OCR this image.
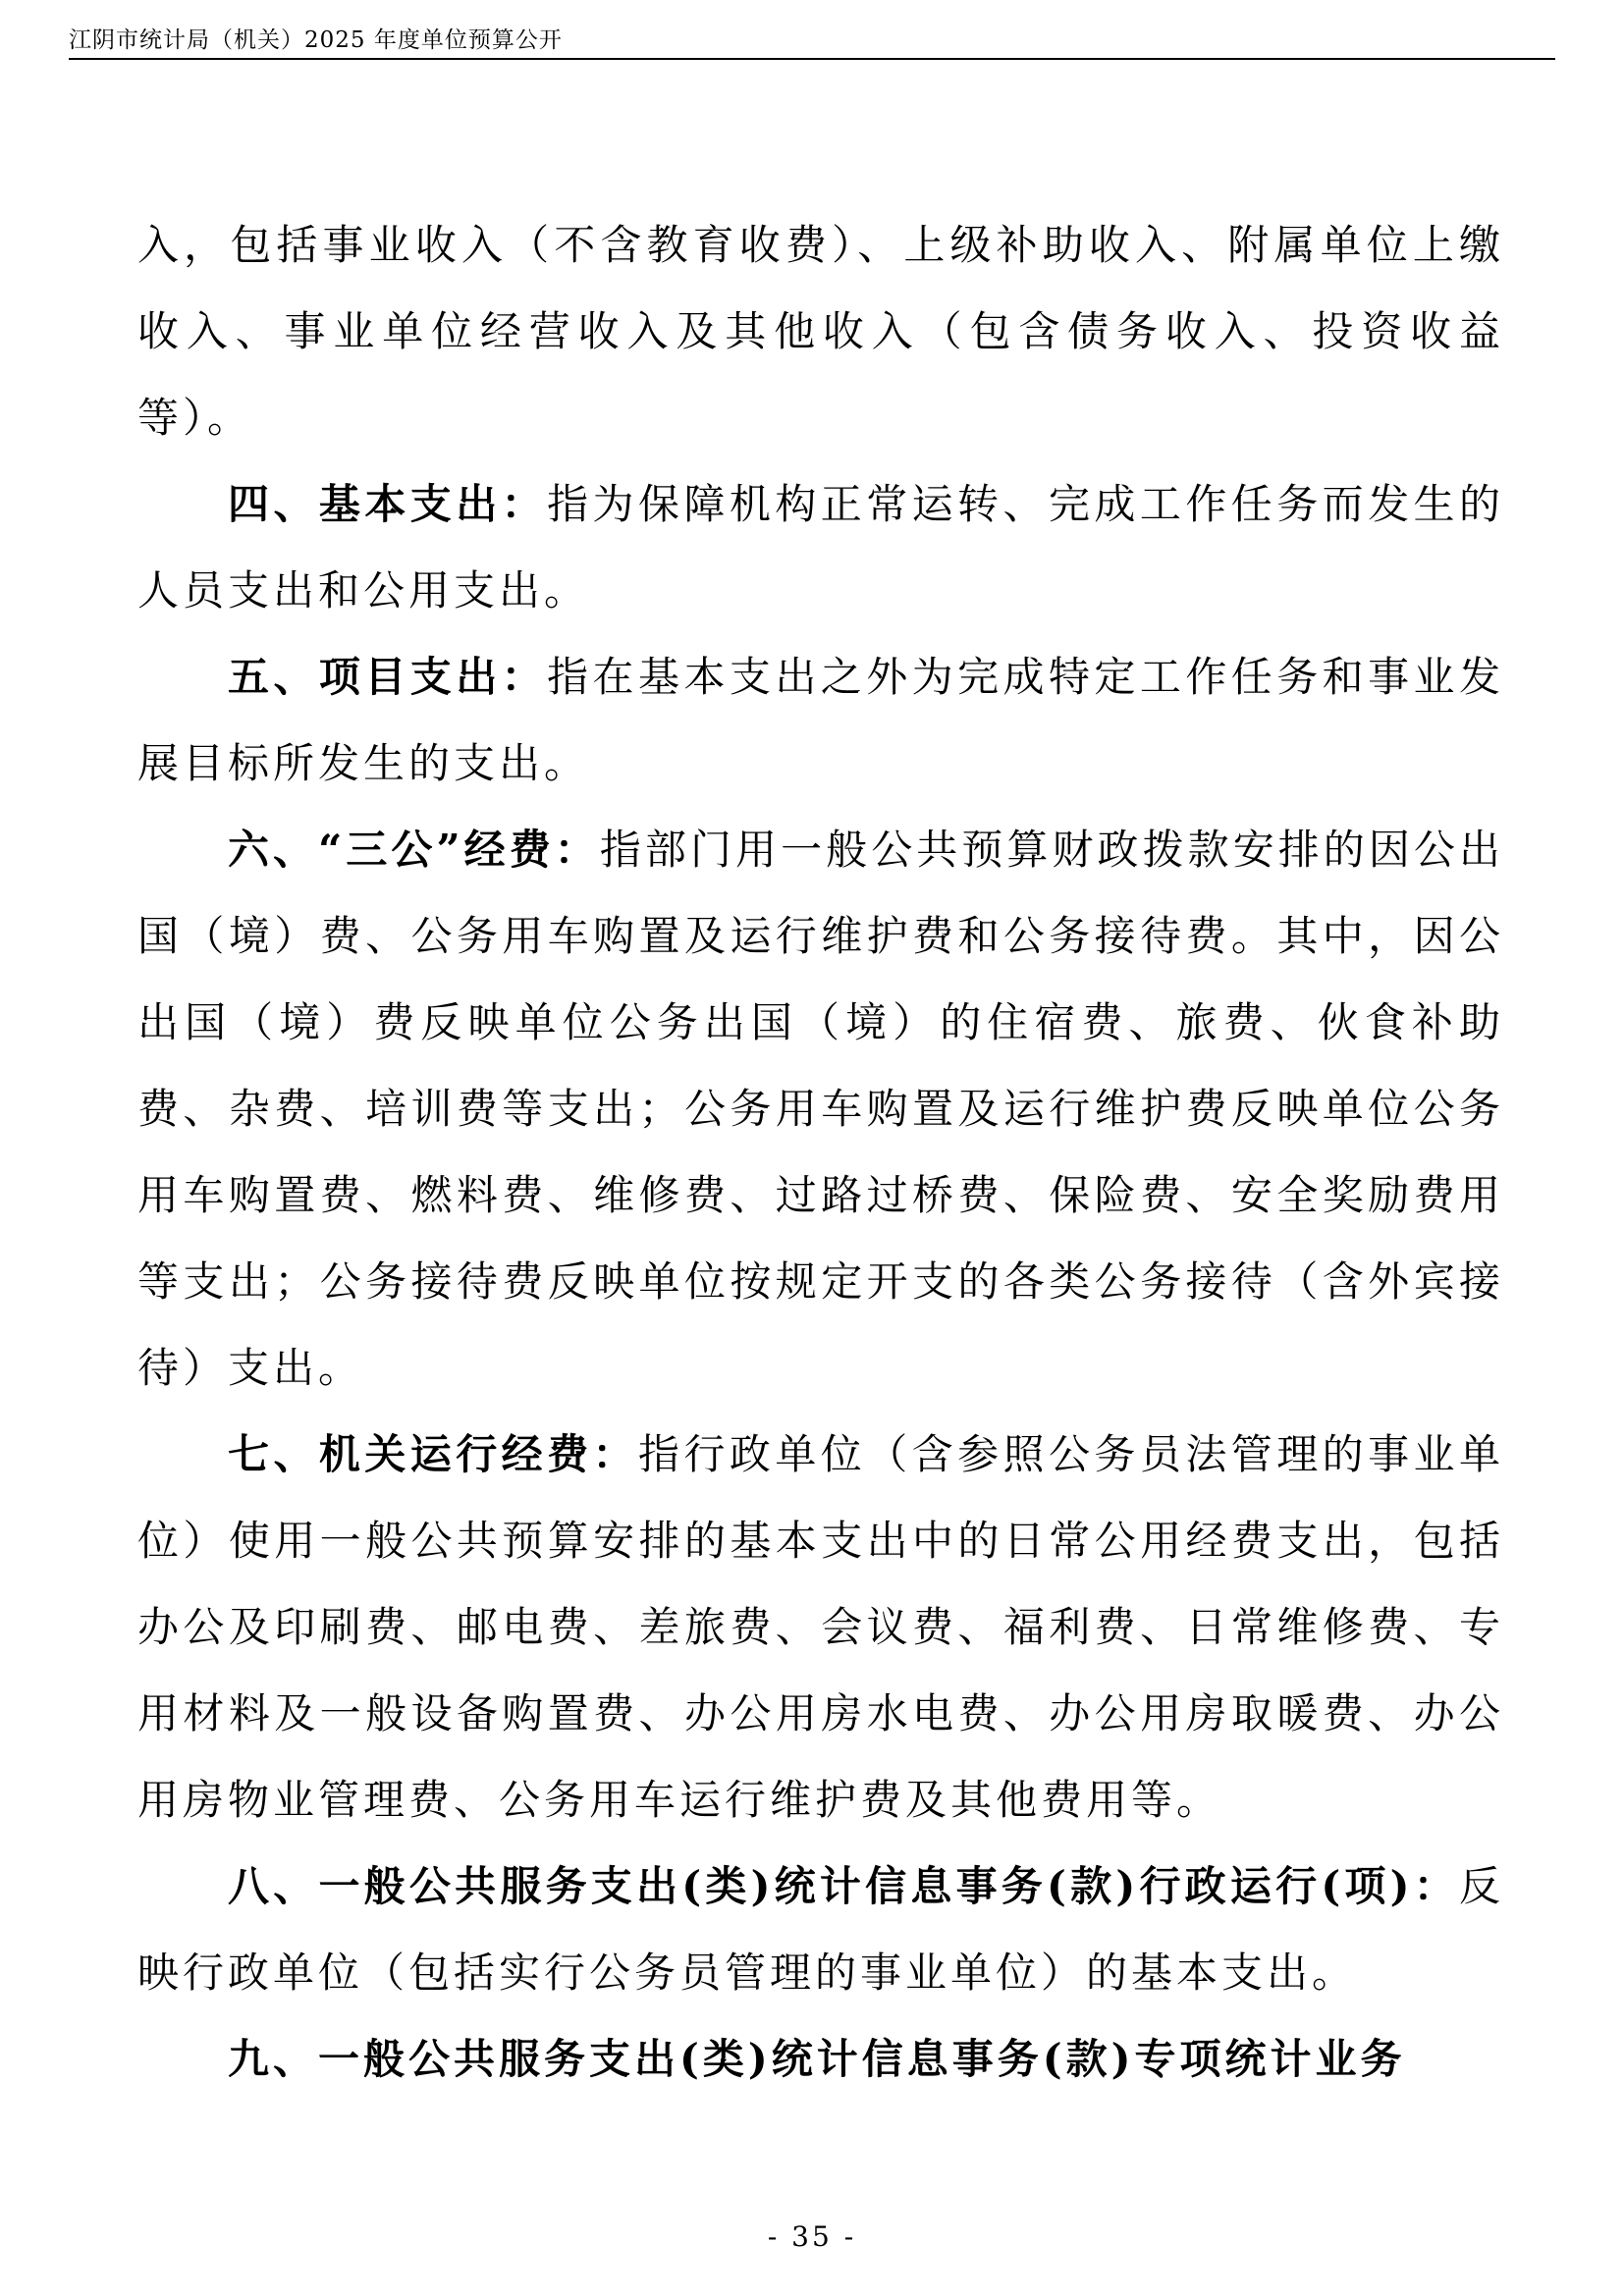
江阴市统计局（机关）2025 年度单位预算公开

入，包括事业收入（不含教育收费）、上级补助收入、附属单位上缴收入、事业单位经营收入及其他收入（包含债务收入、投资收益等）。

四、基本支出：指为保障机构正常运转、完成工作任务而发生的人员支出和公用支出。

五、项目支出：指在基本支出之外为完成特定工作任务和事业发展目标所发生的支出。

六、“三公”经费：指部门用一般公共预算财政拨款安排的因公出国（境）费、公务用车购置及运行维护费和公务接待费。其中，因公出国（境）费反映单位公务出国（境）的住宿费、旅费、伙食补助费、杂费、培训费等支出；公务用车购置及运行维护费反映单位公务用车购置费、燃料费、维修费、过路过桥费、保险费、安全奖励费用等支出；公务接待费反映单位按规定开支的各类公务接待（含外宾接待）支出。

七、机关运行经费：指行政单位（含参照公务员法管理的事业单位）使用一般公共预算安排的基本支出中的日常公用经费支出，包括办公及印刷费、邮电费、差旅费、会议费、福利费、日常维修费、专用材料及一般设备购置费、办公用房水电费、办公用房取暖费、办公用房物业管理费、公务用车运行维护费及其他费用等。

八、一般公共服务支出(类)统计信息事务(款)行政运行(项)：反映行政单位（包括实行公务员管理的事业单位）的基本支出。

九、一般公共服务支出(类)统计信息事务(款)专项统计业务

- 35 -
